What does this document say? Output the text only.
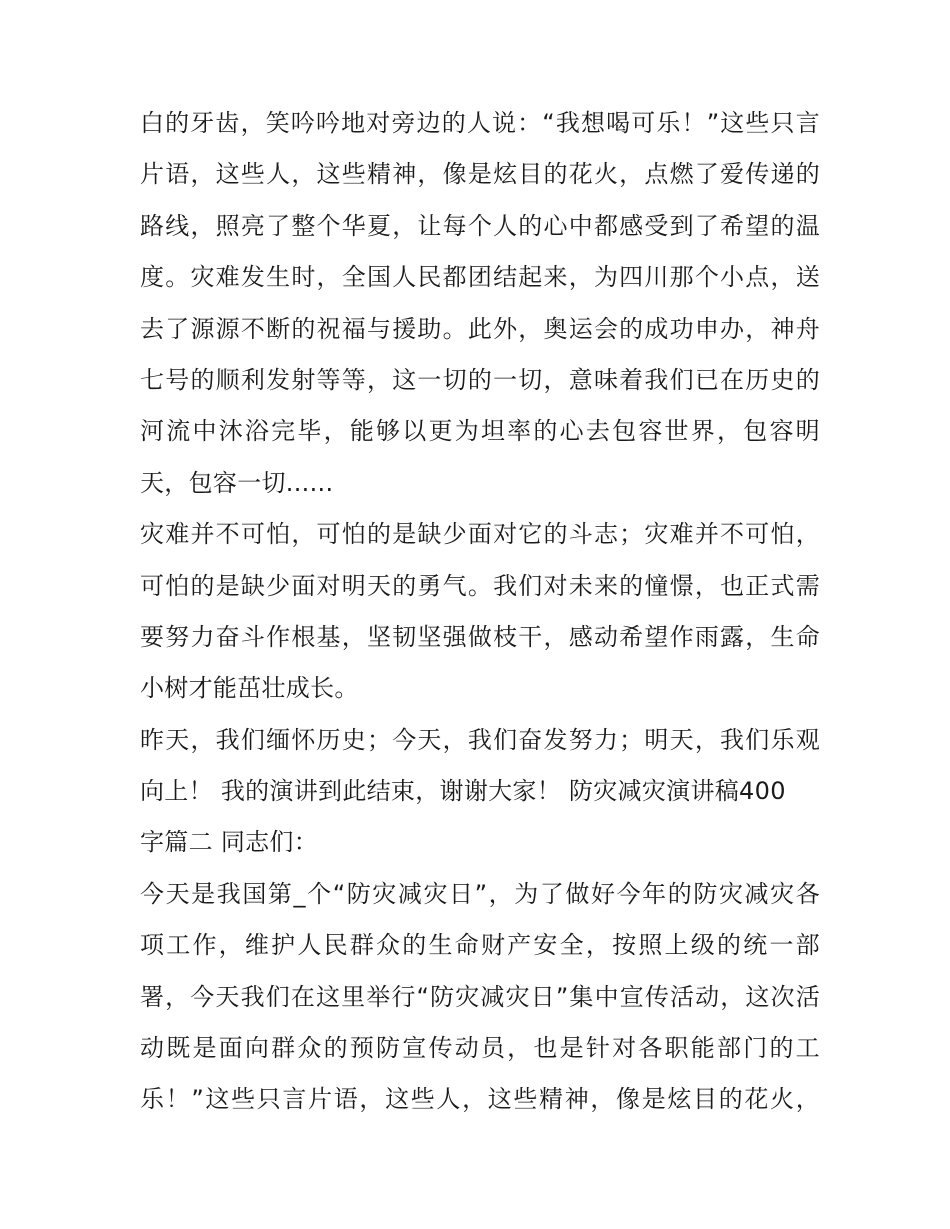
白的牙齿，笑吟吟地对旁边的人说：“我想喝可乐！”这些只言
片语，这些人，这些精神，像是炫目的花火，点燃了爱传递的
路线，照亮了整个华夏，让每个人的心中都感受到了希望的温
度。灾难发生时，全国人民都团结起来，为四川那个小点，送
去了源源不断的祝福与援助。此外，奥运会的成功申办，神舟
七号的顺利发射等等，这一切的一切，意味着我们已在历史的
河流中沐浴完毕，能够以更为坦率的心去包容世界，包容明
天，包容一切......
灾难并不可怕，可怕的是缺少面对它的斗志；灾难并不可怕，
可怕的是缺少面对明天的勇气。我们对未来的憧憬，也正式需
要努力奋斗作根基，坚韧坚强做枝干，感动希望作雨露，生命
小树才能茁壮成长。
昨天，我们缅怀历史；今天，我们奋发努力；明天，我们乐观
向上！ 我的演讲到此结束，谢谢大家！ 防灾减灾演讲稿400
字篇二 同志们：
今天是我国第_个“防灾减灾日”，为了做好今年的防灾减灾各
项工作，维护人民群众的生命财产安全，按照上级的统一部
署，今天我们在这里举行“防灾减灾日”集中宣传活动，这次活
动既是面向群众的预防宣传动员，也是针对各职能部门的工
乐！”这些只言片语，这些人，这些精神，像是炫目的花火，
